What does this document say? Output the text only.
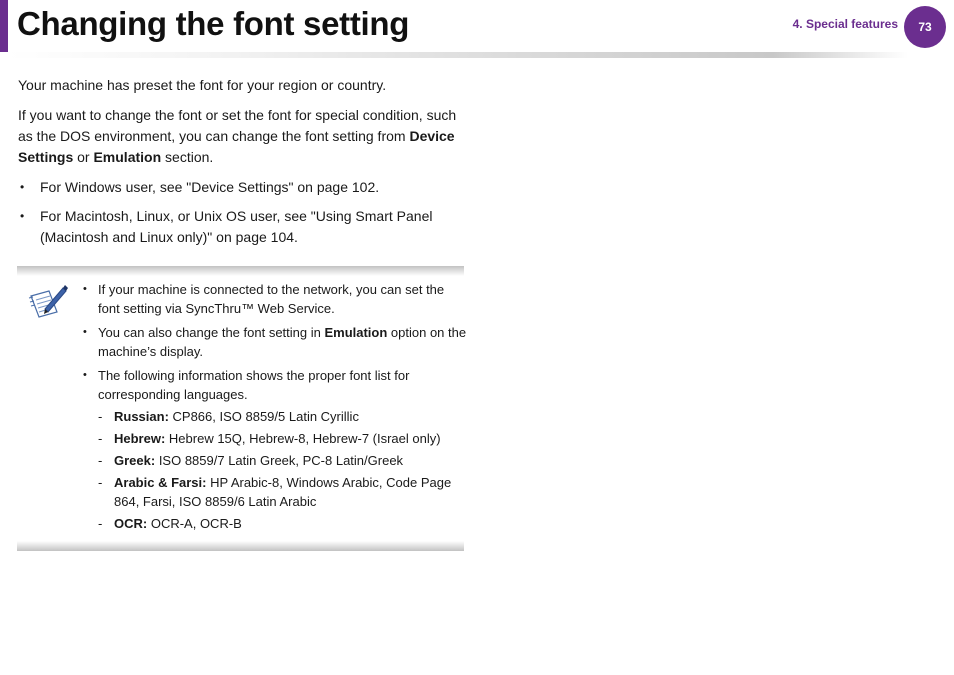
Changing the font setting	4. Special features	73

Your machine has preset the font for your region or country.

If you want to change the font or set the font for special condition, such as the DOS environment, you can change the font setting from Device Settings or Emulation section.

• For Windows user, see "Device Settings" on page 102.
• For Macintosh, Linux, or Unix OS user, see "Using Smart Panel (Macintosh and Linux only)" on page 104.
• If your machine is connected to the network, you can set the font setting via SyncThru™ Web Service.
• You can also change the font setting in Emulation option on the machine’s display.
• The following information shows the proper font list for corresponding languages.
- Russian: CP866, ISO 8859/5 Latin Cyrillic
- Hebrew: Hebrew 15Q, Hebrew-8, Hebrew-7 (Israel only)
- Greek: ISO 8859/7 Latin Greek, PC-8 Latin/Greek
- Arabic & Farsi: HP Arabic-8, Windows Arabic, Code Page 864, Farsi, ISO 8859/6 Latin Arabic
- OCR: OCR-A, OCR-B
